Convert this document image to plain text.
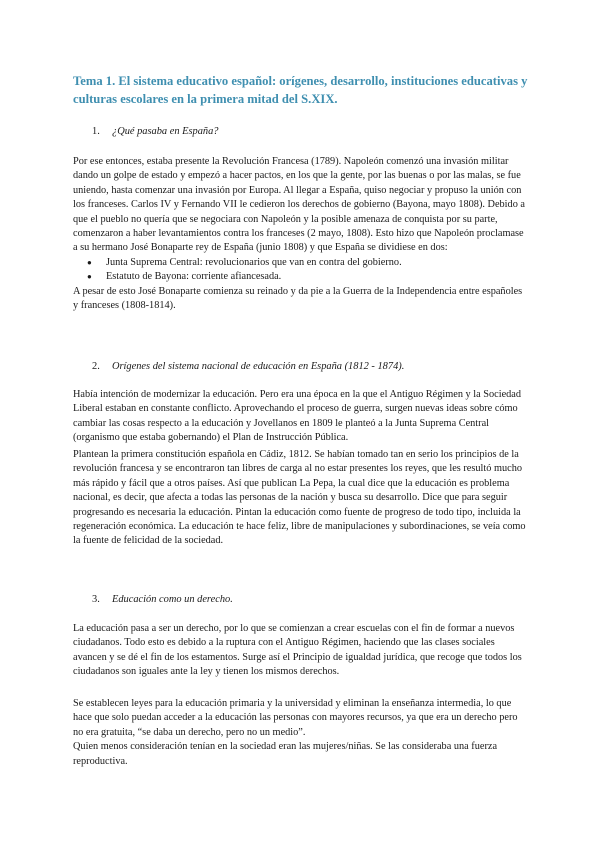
Tema 1. El sistema educativo español: orígenes, desarrollo, instituciones educativas y culturas escolares en la primera mitad del S.XIX.
1. ¿Qué pasaba en España?

Por ese entonces, estaba presente la Revolución Francesa (1789). Napoleón comenzó una invasión militar dando un golpe de estado y empezó a hacer pactos, en los que la gente, por las buenas o por las malas, se fue uniendo, hasta comenzar una invasión por Europa. Al llegar a España, quiso negociar y propuso la unión con los franceses. Carlos IV y Fernando VII le cedieron los derechos de gobierno (Bayona, mayo 1808). Debido a que el pueblo no quería que se negociara con Napoleón y la posible amenaza de conquista por su parte, comenzaron a haber levantamientos contra los franceses (2 mayo, 1808). Esto hizo que Napoleón proclamase a su hermano José Bonaparte rey de España (junio 1808) y que España se dividiese en dos:

● Junta Suprema Central: revolucionarios que van en contra del gobierno.
● Estatuto de Bayona: corriente afiancesada.

A pesar de esto José Bonaparte comienza su reinado y da pie a la Guerra de la Independencia entre españoles y franceses (1808-1814).

2. Orígenes del sistema nacional de educación en España (1812 - 1874).

Había intención de modernizar la educación. Pero era una época en la que el Antiguo Régimen y la Sociedad Liberal estaban en constante conflicto. Aprovechando el proceso de guerra, surgen nuevas ideas sobre cómo cambiar las cosas respecto a la educación y Jovellanos en 1809 le planteó a la Junta Suprema Central (organismo que estaba gobernando) el Plan de Instrucción Pública.

Plantean la primera constitución española en Cádiz, 1812. Se habían tomado tan en serio los principios de la revolución francesa y se encontraron tan libres de carga al no estar presentes los reyes, que les resultó mucho más rápido y fácil que a otros países. Así que publican La Pepa, la cual dice que la educación es problema nacional, es decir, que afecta a todas las personas de la nación y busca su desarrollo. Dice que para seguir progresando es necesaria la educación. Pintan la educación como fuente de progreso de todo tipo, incluida la regeneración económica. La educación te hace feliz, libre de manipulaciones y subordinaciones, se veía como la fuente de felicidad de la sociedad.

3. Educación como un derecho.

La educación pasa a ser un derecho, por lo que se comienzan a crear escuelas con el fin de formar a nuevos ciudadanos. Todo esto es debido a la ruptura con el Antiguo Régimen, haciendo que las clases sociales avancen y se dé el fin de los estamentos. Surge así el Principio de igualdad jurídica, que recoge que todos los ciudadanos son iguales ante la ley y tienen los mismos derechos.

Se establecen leyes para la educación primaria y la universidad y eliminan la enseñanza intermedia, lo que hace que solo puedan acceder a la educación las personas con mayores recursos, ya que era un derecho pero no era gratuita, “se daba un derecho, pero no un medio”.

Quien menos consideración tenían en la sociedad eran las mujeres/niñas. Se las consideraba una fuerza reproductiva.
